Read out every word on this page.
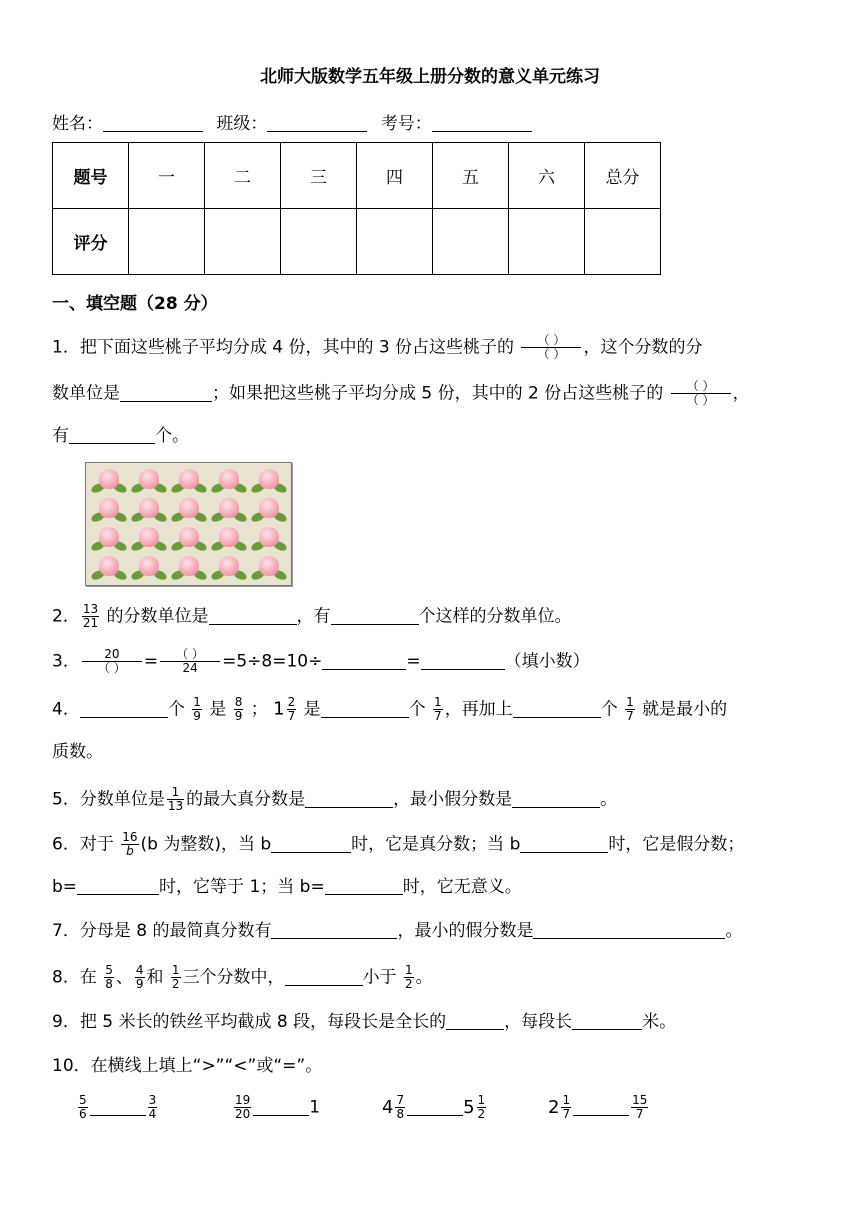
北师大版数学五年级上册分数的意义单元练习
姓名：	班级：	考号：
题号	一	二	三	四	五	六	总分
评分							
一、填空题（28 分）
1．把下面这些桃子平均分成 4 份，其中的 3 份占这些桃子的	（ ）
（ ）	，这个分数的分
数单位是	；如果把这些桃子平均分成 5 份，其中的 2 份占这些桃子的	（ ）
（ ）	，
有	个。
2． $\frac{13}{21}$ 的分数单位是	，有	个这样的分数单位。
3．	20
（ ）	=	（ ）
24	=5÷8=10÷	=	（填小数）
4．	个 $\frac{1}{9}$ 是 $\frac{8}{9}$ ； $1 \frac{2}{7}$ 是	个 $\frac{1}{7}$ ，再加上	个 $\frac{1}{7}$ 就是最小的
质数。
5．分数单位是 $\frac{1}{13}$ 的最大真分数是	，最小假分数是	。
6．对于 $\frac{16}{b} (b$ 为整数)，当 b	时，它是真分数；当 b	时，它是假分数；
b=	时，它等于 1；当 b=	时，它无意义。
7．分母是 8 的最简真分数有	，最小的假分数是	。
8．在 $\frac{5}{8}$ 、 $\frac{4}{9}$ 和 $\frac{1}{2}$ 三个分数中，	小于 $\frac{1}{2}$ 。
9．把 5 米长的铁丝平均截成 8 段，每段长是全长的	，每段长	米。
10．在横线上填上“>”“<”或“=”。
$\frac{5}{6}$	$\frac{3}{4}$	$\frac{19}{20}$	1	$4 \frac{7}{8}$	$5 \frac{1}{2}$	$2 \frac{1}{7}$	$\frac{15}{7}$
